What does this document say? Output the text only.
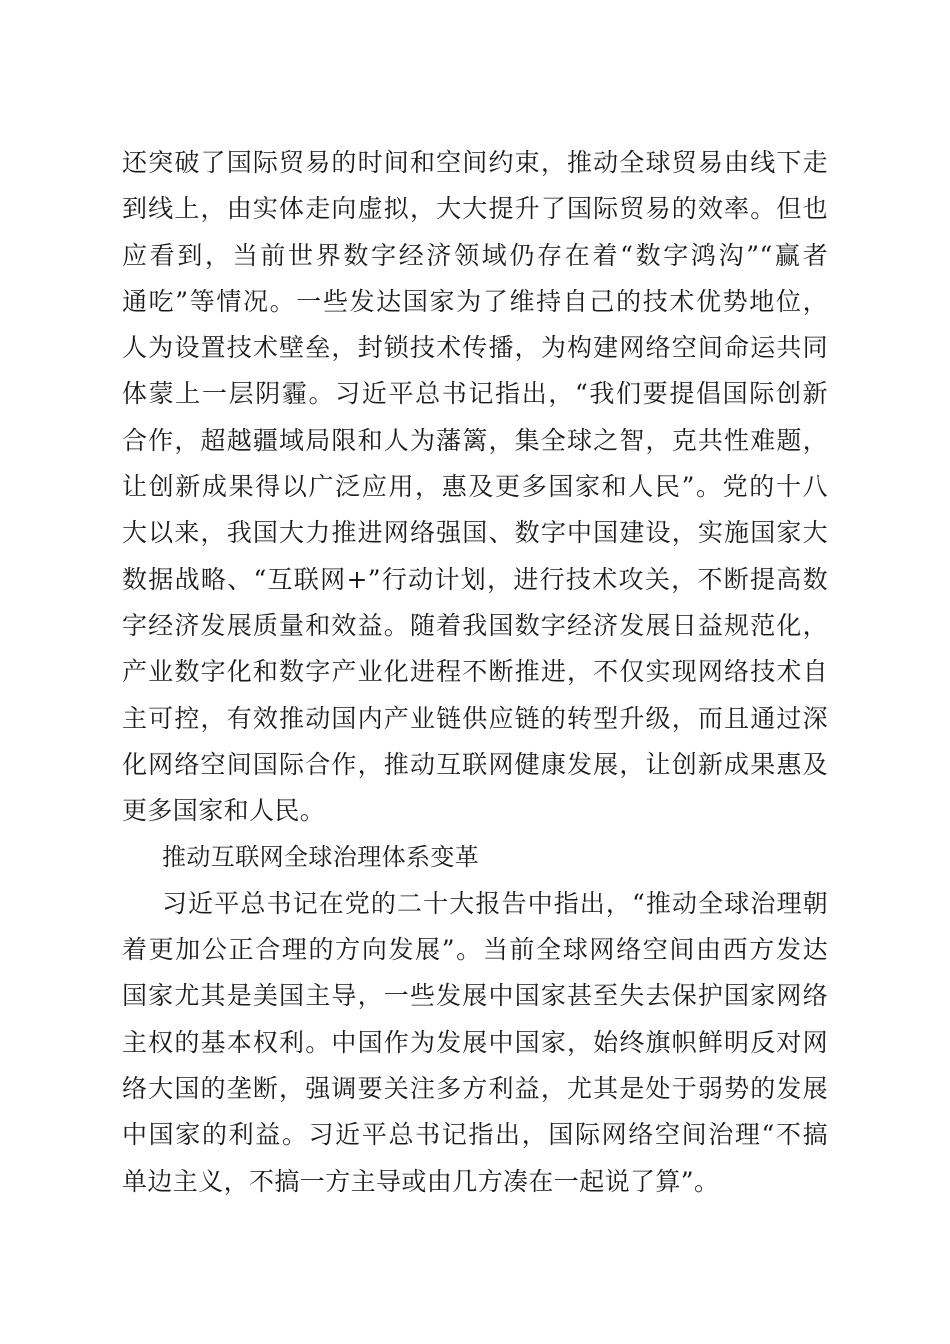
还突破了国际贸易的时间和空间约束，推动全球贸易由线下走
到线上，由实体走向虚拟，大大提升了国际贸易的效率。但也
应看到，当前世界数字经济领域仍存在着“数字鸿沟”“赢者
通吃”等情况。一些发达国家为了维持自己的技术优势地位，
人为设置技术壁垒，封锁技术传播，为构建网络空间命运共同
体蒙上一层阴霾。习近平总书记指出，“我们要提倡国际创新
合作，超越疆域局限和人为藩篱，集全球之智，克共性难题，
让创新成果得以广泛应用，惠及更多国家和人民”。党的十八
大以来，我国大力推进网络强国、数字中国建设，实施国家大
数据战略、“互联网+”行动计划，进行技术攻关，不断提高数
字经济发展质量和效益。随着我国数字经济发展日益规范化，
产业数字化和数字产业化进程不断推进，不仅实现网络技术自
主可控，有效推动国内产业链供应链的转型升级，而且通过深
化网络空间国际合作，推动互联网健康发展，让创新成果惠及
更多国家和人民。
推动互联网全球治理体系变革
习近平总书记在党的二十大报告中指出，“推动全球治理朝
着更加公正合理的方向发展”。当前全球网络空间由西方发达
国家尤其是美国主导，一些发展中国家甚至失去保护国家网络
主权的基本权利。中国作为发展中国家，始终旗帜鲜明反对网
络大国的垄断，强调要关注多方利益，尤其是处于弱势的发展
中国家的利益。习近平总书记指出，国际网络空间治理“不搞
单边主义，不搞一方主导或由几方凑在一起说了算”。
